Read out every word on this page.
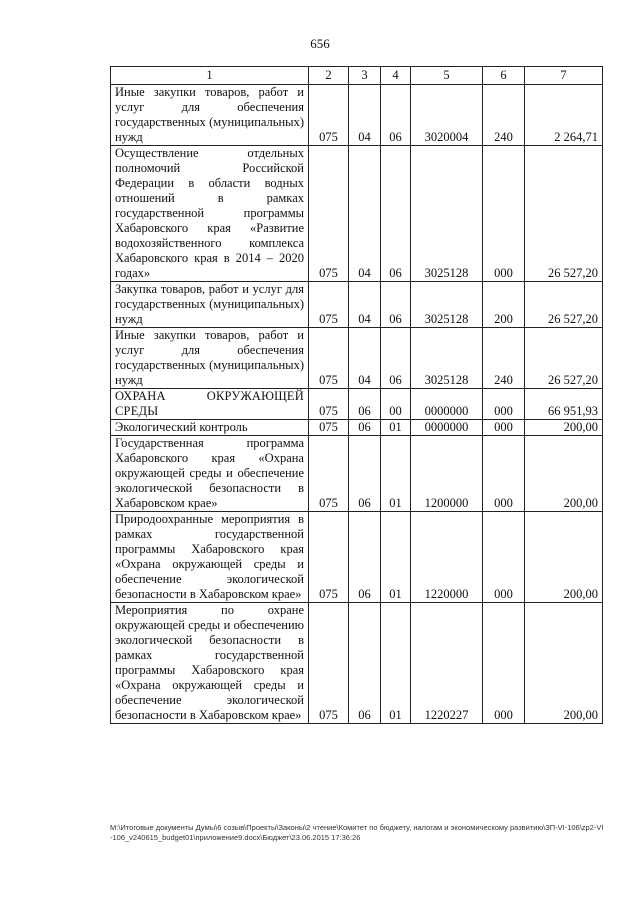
656
1	2	3	4	5	6	7
Иные закупки товаров, работ и услуг для обеспечения государственных (муниципальных) нужд	075	04	06	3020004	240	2 264,71
Осуществление отдельных полномочий Российской Федерации в области водных отношений в рамках государственной программы Хабаровского края «Развитие водохозяйственного комплекса Хабаровского края в 2014 – 2020 годах»	075	04	06	3025128	000	26 527,20
Закупка товаров, работ и услуг для государственных (муниципальных) нужд	075	04	06	3025128	200	26 527,20
Иные закупки товаров, работ и услуг для обеспечения государственных (муниципальных) нужд	075	04	06	3025128	240	26 527,20
ОХРАНА ОКРУЖАЮЩЕЙ СРЕДЫ	075	06	00	0000000	000	66 951,93
Экологический контроль	075	06	01	0000000	000	200,00
Государственная программа Хабаровского края «Охрана окружающей среды и обеспечение экологической безопасности в Хабаровском крае»	075	06	01	1200000	000	200,00
Природоохранные мероприятия в рамках государственной программы Хабаровского края «Охрана окружающей среды и обеспечение экологической безопасности в Хабаровском крае»	075	06	01	1220000	000	200,00
Мероприятия по охране окружающей среды и обеспечению экологической безопасности в рамках государственной программы Хабаровского края «Охрана окружающей среды и обеспечение экологической безопасности в Хабаровском крае»	075	06	01	1220227	000	200,00
M:\Итоговые документы Думы\6 созыв\Проекты\Законы\2 чтение\Комитет по бюджету, налогам и экономическому развитию\ЗП-VI-106\zp2-VI-106_v240615_budget01\приложение9.docx\Бюджет\23.06.2015 17:36:26
